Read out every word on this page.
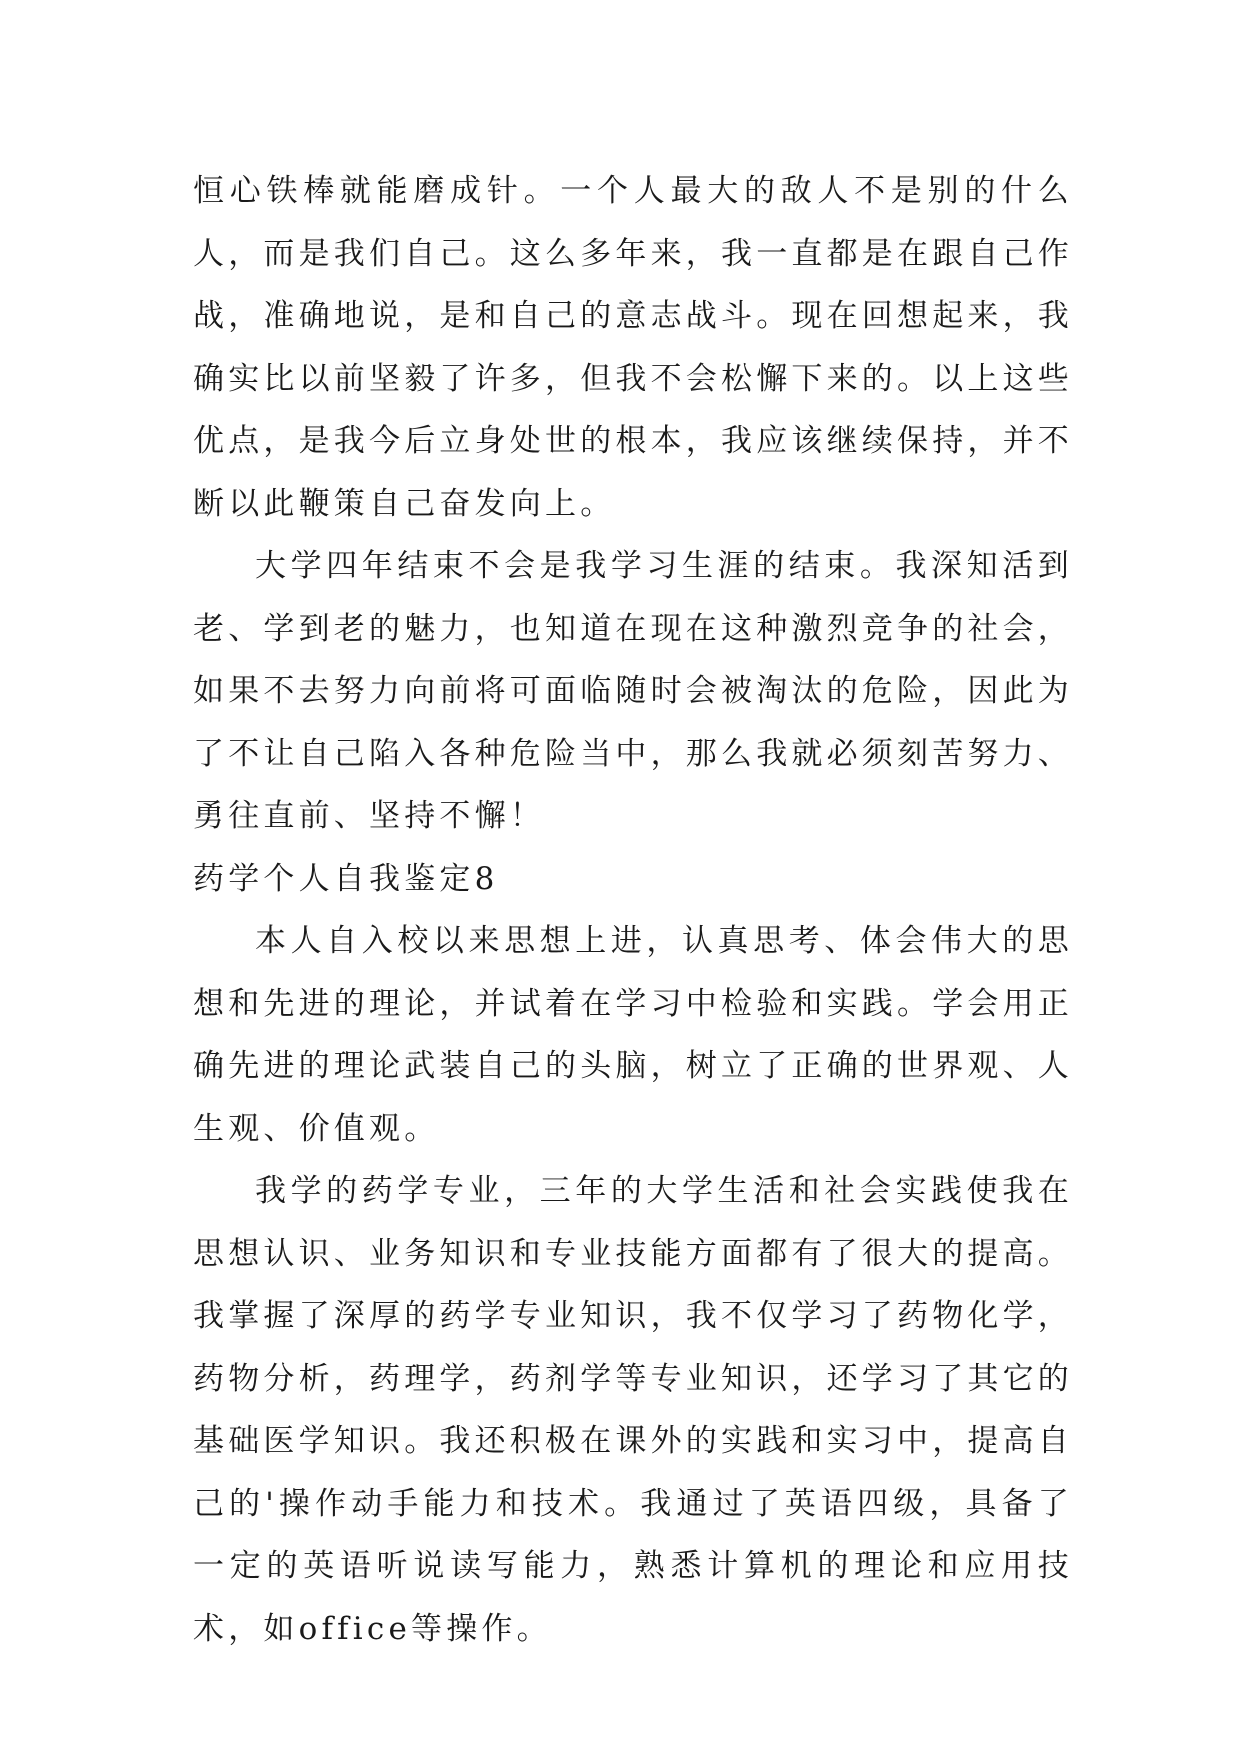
恒心铁棒就能磨成针。一个人最大的敌人不是别的什么人，而是我们自己。这么多年来，我一直都是在跟自己作战，准确地说，是和自己的意志战斗。现在回想起来，我确实比以前坚毅了许多，但我不会松懈下来的。以上这些优点，是我今后立身处世的根本，我应该继续保持，并不断以此鞭策自己奋发向上。

大学四年结束不会是我学习生涯的结束。我深知活到老、学到老的魅力，也知道在现在这种激烈竞争的社会，如果不去努力向前将可面临随时会被淘汰的危险，因此为了不让自己陷入各种危险当中，那么我就必须刻苦努力、勇往直前、坚持不懈！

药学个人自我鉴定8

本人自入校以来思想上进，认真思考、体会伟大的思想和先进的理论，并试着在学习中检验和实践。学会用正确先进的理论武装自己的头脑，树立了正确的世界观、人生观、价值观。

我学的药学专业，三年的大学生活和社会实践使我在思想认识、业务知识和专业技能方面都有了很大的提高。我掌握了深厚的药学专业知识，我不仅学习了药物化学，药物分析，药理学，药剂学等专业知识，还学习了其它的基础医学知识。我还积极在课外的实践和实习中，提高自己的'操作动手能力和技术。我通过了英语四级，具备了一定的英语听说读写能力，熟悉计算机的理论和应用技术，如office等操作。
